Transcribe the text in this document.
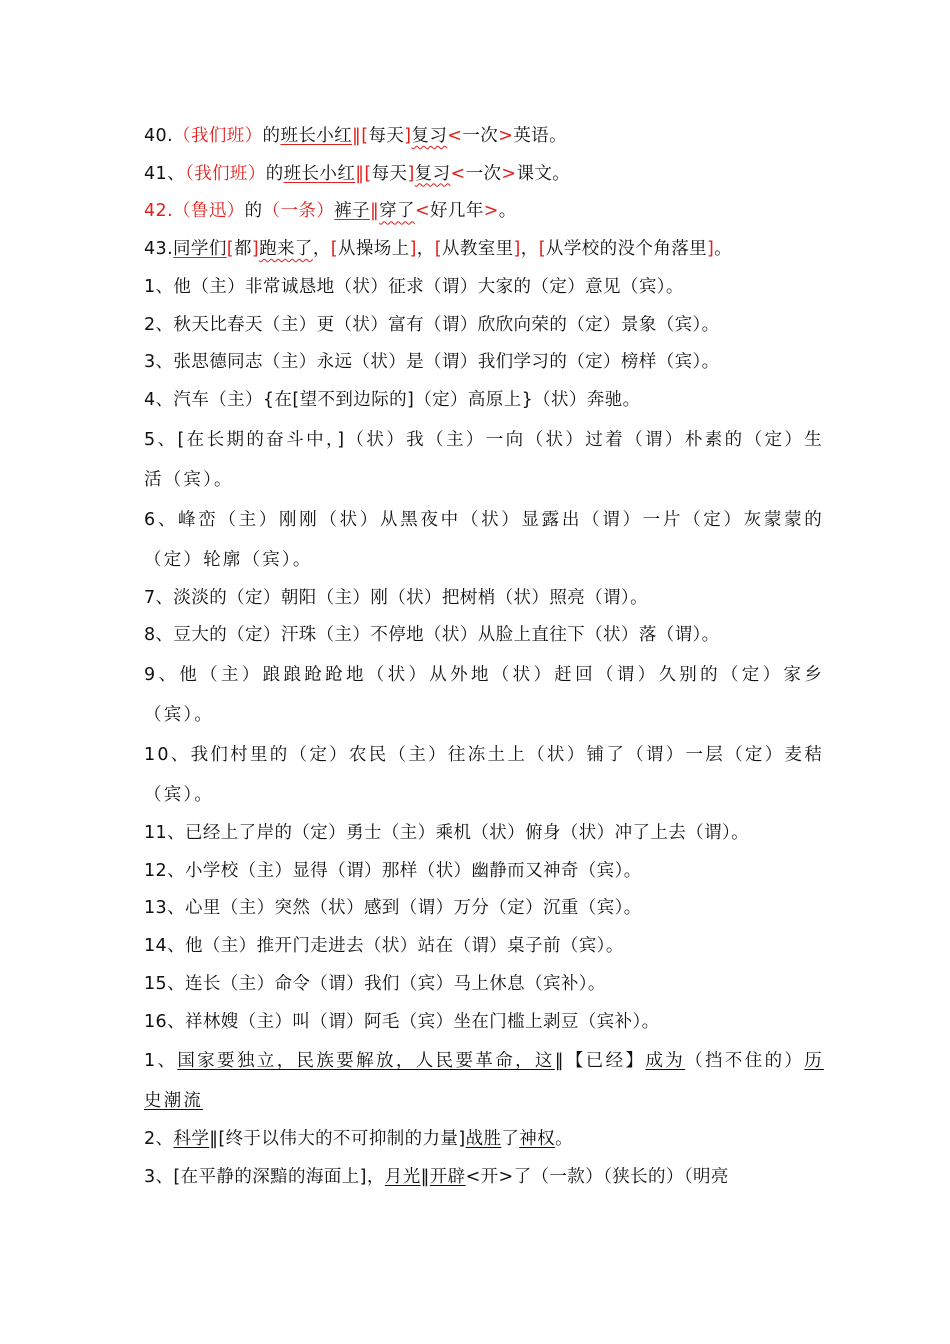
40.（我们班）的班长小红‖[每天]复习<一次>英语。
41、（我们班）的班长小红‖[每天]复习<一次>课文。
42.（鲁迅）的（一条）裤子‖穿了<好几年>。
43.同学们[都]跑来了，[从操场上]，[从教室里]，[从学校的没个角落里]。
1、他（主）非常诚恳地（状）征求（谓）大家的（定）意见（宾）。
2、秋天比春天（主）更（状）富有（谓）欣欣向荣的（定）景象（宾）。
3、张思德同志（主）永远（状）是（谓）我们学习的（定）榜样（宾）。
4、汽车（主）{在[望不到边际的]（定）高原上}（状）奔驰。
5、[在长期的奋斗中，]（状）我（主）一向（状）过着（谓）朴素的（定）生活（宾）。
6、峰峦（主）刚刚（状）从黑夜中（状）显露出（谓）一片（定）灰蒙蒙的（定）轮廓（宾）。
7、淡淡的（定）朝阳（主）刚（状）把树梢（状）照亮（谓）。
8、豆大的（定）汗珠（主）不停地（状）从脸上直往下（状）落（谓）。
9、他（主）踉踉跄跄地（状）从外地（状）赶回（谓）久别的（定）家乡（宾）。
10、我们村里的（定）农民（主）往冻土上（状）铺了（谓）一层（定）麦秸（宾）。
11、已经上了岸的（定）勇士（主）乘机（状）俯身（状）冲了上去（谓）。
12、小学校（主）显得（谓）那样（状）幽静而又神奇（宾）。
13、心里（主）突然（状）感到（谓）万分（定）沉重（宾）。
14、他（主）推开门走进去（状）站在（谓）桌子前（宾）。
15、连长（主）命令（谓）我们（宾）马上休息（宾补）。
16、祥林嫂（主）叫（谓）阿毛（宾）坐在门槛上剥豆（宾补）。
1、国家要独立，民族要解放，人民要革命，这‖【已经】成为（挡不住的）历史潮流
2、科学‖[终于以伟大的不可抑制的力量]战胜了神权。
3、[在平静的深黯的海面上]，月光‖开辟<开>了（一款）（狭长的）（明亮
